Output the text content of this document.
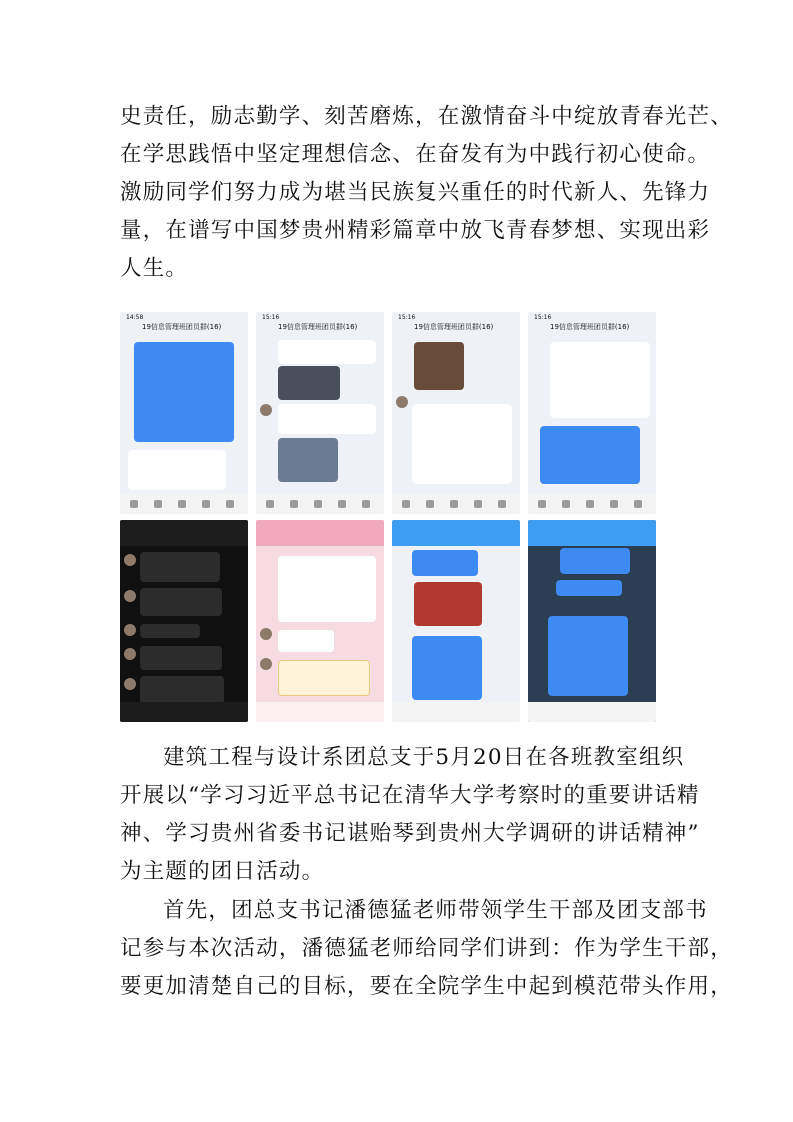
史责任，励志勤学、刻苦磨炼，在激情奋斗中绽放青春光芒、
在学思践悟中坚定理想信念、在奋发有为中践行初心使命。
激励同学们努力成为堪当民族复兴重任的时代新人、先锋力
量，在谱写中国梦贵州精彩篇章中放飞青春梦想、实现出彩
人生。
14:58
19信息管理班团员群(16)
15:16
19信息管理班团员群(16)
15:16
19信息管理班团员群(16)
15:16
19信息管理班团员群(16)
建筑工程与设计系团总支于5月20日在各班教室组织
开展以“学习习近平总书记在清华大学考察时的重要讲话精
神、学习贵州省委书记谌贻琴到贵州大学调研的讲话精神”
为主题的团日活动。
首先，团总支书记潘德猛老师带领学生干部及团支部书
记参与本次活动，潘德猛老师给同学们讲到：作为学生干部，
要更加清楚自己的目标，要在全院学生中起到模范带头作用，
